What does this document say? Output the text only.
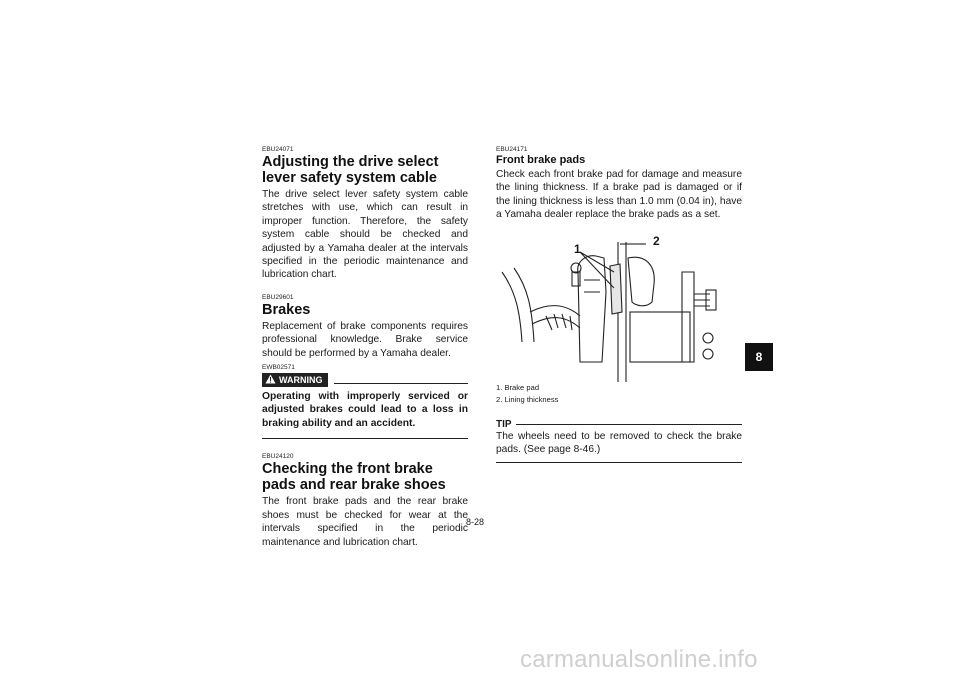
EBU24071

Adjusting the drive select lever safety system cable

The drive select lever safety system cable stretches with use, which can result in improper function. Therefore, the safety system cable should be checked and adjusted by a Yamaha dealer at the intervals specified in the periodic maintenance and lubrication chart.

EBU29601

Brakes

Replacement of brake components requires professional knowledge. Brake service should be performed by a Yamaha dealer.

EWB02571

WARNING

Operating with improperly serviced or adjusted brakes could lead to a loss in braking ability and an accident.

EBU24120

Checking the front brake pads and rear brake shoes

The front brake pads and the rear brake shoes must be checked for wear at the intervals specified in the periodic maintenance and lubrication chart.

EBU24171

Front brake pads

Check each front brake pad for damage and measure the lining thickness. If a brake pad is damaged or if the lining thickness is less than 1.0 mm (0.04 in), have a Yamaha dealer replace the brake pads as a set.

1
2

1. Brake pad

2. Lining thickness

TIP

The wheels need to be removed to check the brake pads. (See page 8-46.)

8-28
8
carmanualsonline.info
